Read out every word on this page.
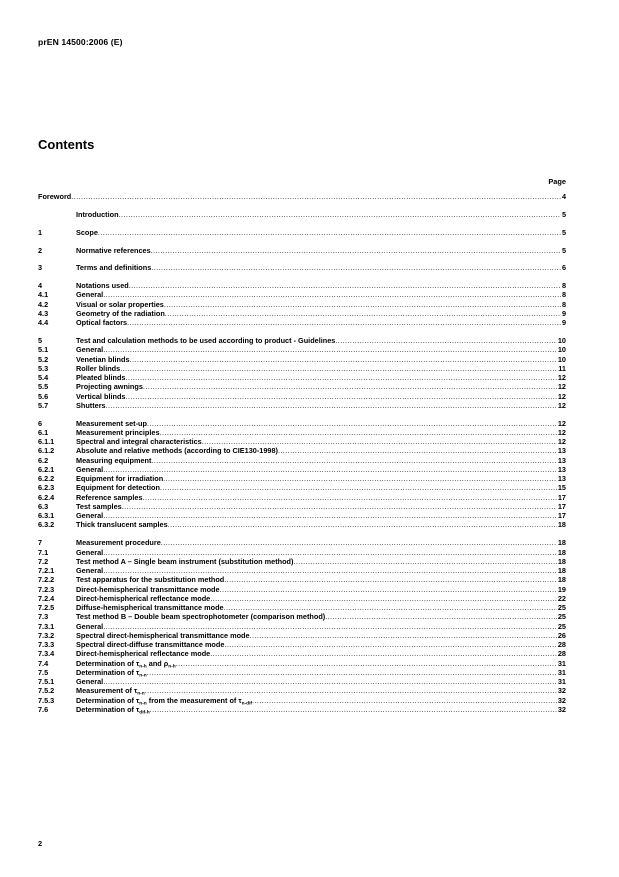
prEN 14500:2006 (E)
Contents
Page
Foreword .....	4
Introduction .....	5
1	Scope .....	5
2	Normative references .....	5
3	Terms and definitions .....	6
4	Notations used .....	8
4.1	General .....	8
4.2	Visual or solar properties .....	8
4.3	Geometry of the radiation .....	9
4.4	Optical factors .....	9
5	Test and calculation methods to be used according to product - Guidelines .....	10
5.1	General .....	10
5.2	Venetian blinds .....	10
5.3	Roller blinds .....	11
5.4	Pleated blinds .....	12
5.5	Projecting awnings .....	12
5.6	Vertical blinds .....	12
5.7	Shutters .....	12
6	Measurement set-up .....	12
6.1	Measurement principles .....	12
6.1.1	Spectral and integral characteristics .....	12
6.1.2	Absolute and relative methods (according to CIE130-1998) .....	13
6.2	Measuring equipment .....	13
6.2.1	General .....	13
6.2.2	Equipment for irradiation .....	13
6.2.3	Equipment for detection .....	15
6.2.4	Reference samples .....	17
6.3	Test samples .....	17
6.3.1	General .....	17
6.3.2	Thick translucent samples .....	18
7	Measurement procedure .....	18
7.1	General .....	18
7.2	Test method A – Single beam instrument (substitution method) .....	18
7.2.1	General .....	18
7.2.2	Test apparatus for the substitution method .....	18
7.2.3	Direct-hemispherical transmittance mode .....	19
7.2.4	Direct-hemispherical reflectance mode .....	22
7.2.5	Diffuse-hemispherical transmittance mode .....	25
7.3	Test method B – Double beam spectrophotometer (comparison method) .....	25
7.3.1	General .....	25
7.3.2	Spectral direct-hemispherical transmittance mode .....	26
7.3.3	Spectral direct-diffuse transmittance mode .....	28
7.3.4	Direct-hemispherical reflectance mode .....	28
7.4	Determination of $\tau_{n-h}$ and $\rho_{n-h}$ .....	31
7.5	Determination of $\tau_{n-n}$ .....	31
7.5.1	General .....	31
7.5.2	Measurement of $\tau_{n-n}$ .....	32
7.5.3	Determination of $\tau_{n-n}$ from the measurement of $\tau_{n-dif}$ .....	32
7.6	Determination of $\tau_{dif-h}$ .....	32
2
